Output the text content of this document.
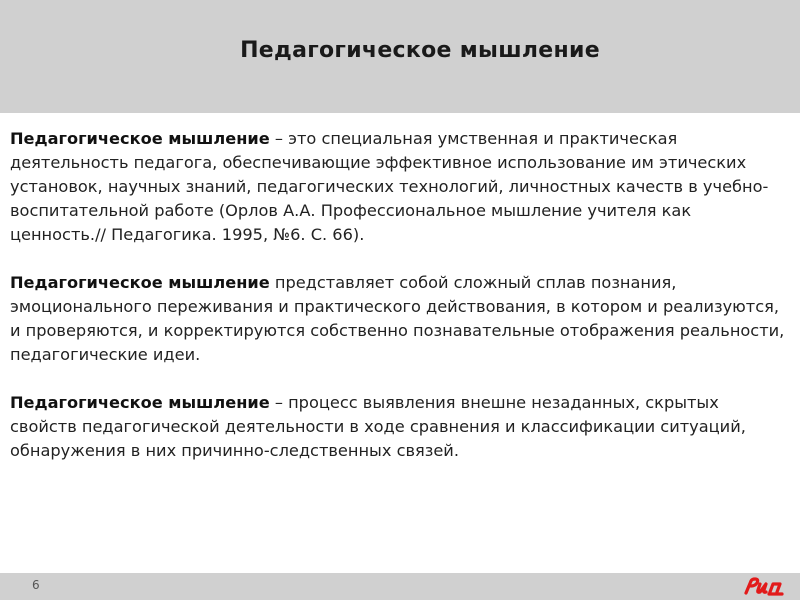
Педагогическое мышление

Педагогическое мышление – это специальная умственная и практическая деятельность педагога, обеспечивающие эффективное использование им этических установок, научных знаний, педагогических технологий, личностных качеств в учебно-воспитательной работе (Орлов А.А. Профессиональное мышление учителя как ценность.// Педагогика. 1995, №6. С. 66).

Педагогическое мышление представляет собой сложный сплав познания, эмоционального переживания и практического действования, в котором и реализуются, и проверяются, и корректируются собственно познавательные отображения реальности, педагогические идеи.

Педагогическое мышление – процесс выявления внешне незаданных, скрытых свойств педагогической деятельности в ходе сравнения и классификации ситуаций, обнаружения в них причинно-следственных связей.

6
